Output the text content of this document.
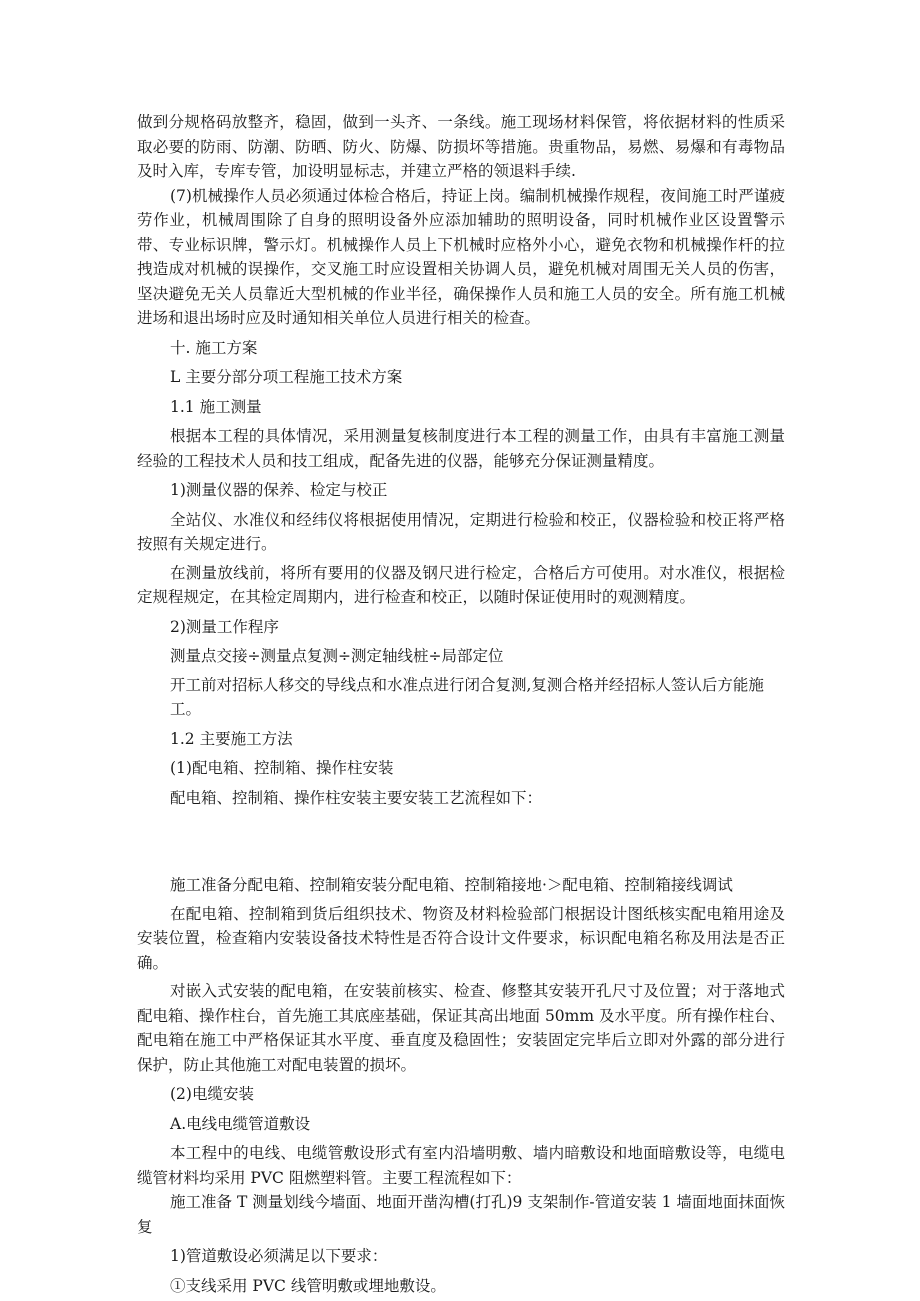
做到分规格码放整齐，稳固，做到一头齐、一条线。施工现场材料保管，将依据材料的性质采取必要的防雨、防潮、防晒、防火、防爆、防损坏等措施。贵重物品，易燃、易爆和有毒物品及时入库，专库专管，加设明显标志，并建立严格的领退料手续.

(7)机械操作人员必须通过体检合格后，持证上岗。编制机械操作规程，夜间施工时严谨疲劳作业，机械周围除了自身的照明设备外应添加辅助的照明设备，同时机械作业区设置警示带、专业标识牌，警示灯。机械操作人员上下机械时应格外小心，避免衣物和机械操作杆的拉拽造成对机械的误操作，交叉施工时应设置相关协调人员，避免机械对周围无关人员的伤害，坚决避免无关人员靠近大型机械的作业半径，确保操作人员和施工人员的安全。所有施工机械进场和退出场时应及时通知相关单位人员进行相关的检查。

十. 施工方案

L 主要分部分项工程施工技术方案

1.1 施工测量

根据本工程的具体情况，采用测量复核制度进行本工程的测量工作，由具有丰富施工测量经验的工程技术人员和技工组成，配备先进的仪器，能够充分保证测量精度。

1)测量仪器的保养、检定与校正

全站仪、水准仪和经纬仪将根据使用情况，定期进行检验和校正，仪器检验和校正将严格按照有关规定进行。

在测量放线前，将所有要用的仪器及钢尺进行检定，合格后方可使用。对水准仪，根据检定规程规定，在其检定周期内，进行检查和校正，以随时保证使用时的观测精度。

2)测量工作程序

测量点交接÷测量点复测÷测定轴线桩÷局部定位

开工前对招标人移交的导线点和水准点进行闭合复测,复测合格并经招标人签认后方能施工。

1.2 主要施工方法

(1)配电箱、控制箱、操作柱安装

配电箱、控制箱、操作柱安装主要安装工艺流程如下：

施工准备分配电箱、控制箱安装分配电箱、控制箱接地·＞配电箱、控制箱接线调试

在配电箱、控制箱到货后组织技术、物资及材料检验部门根据设计图纸核实配电箱用途及安装位置，检查箱内安装设备技术特性是否符合设计文件要求，标识配电箱名称及用法是否正确。

对嵌入式安装的配电箱，在安装前核实、检查、修整其安装开孔尺寸及位置；对于落地式配电箱、操作柱台，首先施工其底座基础，保证其高出地面 50mm 及水平度。所有操作柱台、配电箱在施工中严格保证其水平度、垂直度及稳固性；安装固定完毕后立即对外露的部分进行保护，防止其他施工对配电装置的损坏。

(2)电缆安装

A.电线电缆管道敷设

本工程中的电线、电缆管敷设形式有室内沿墙明敷、墙内暗敷设和地面暗敷设等，电缆电缆管材料均采用 PVC 阻燃塑料管。主要工程流程如下：

施工准备 T 测量划线今墙面、地面开凿沟槽(打孔)9 支架制作-管道安装 1 墙面地面抹面恢复

1)管道敷设必须满足以下要求：

①支线采用 PVC 线管明敷或埋地敷设。
